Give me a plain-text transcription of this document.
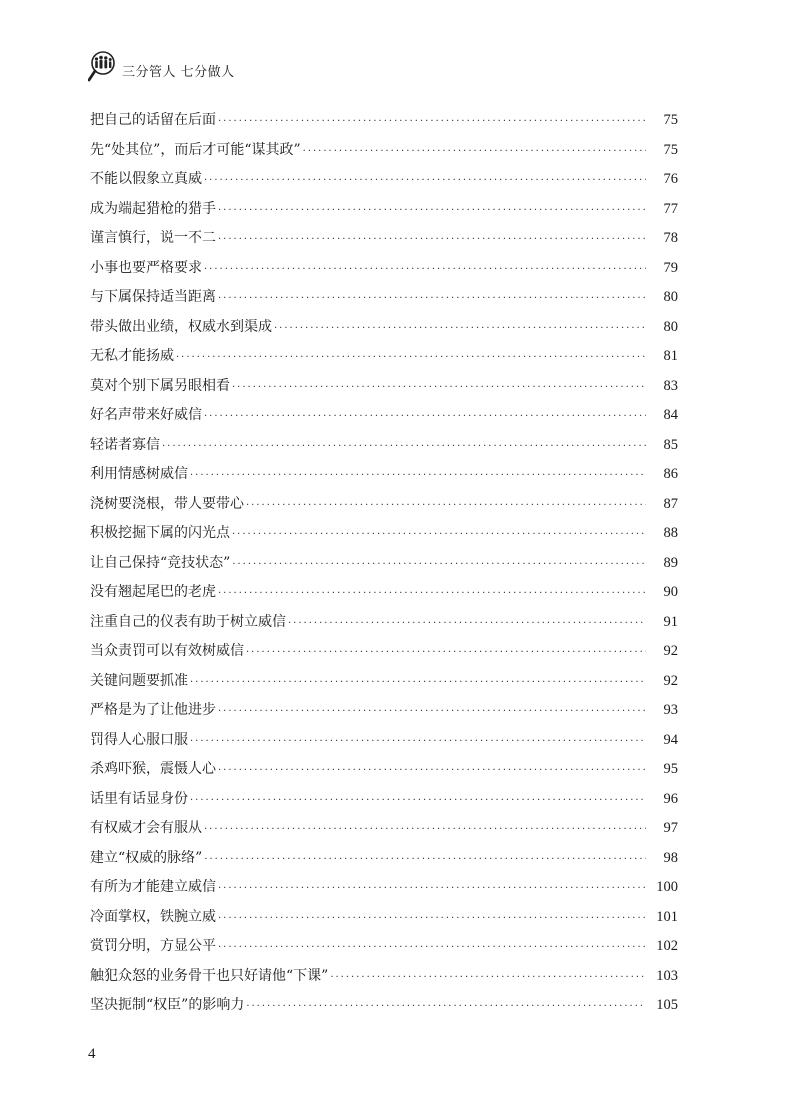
三分管人 七分做人
把自己的话留在后面 ·····	75
先“处其位”，而后才可能“谋其政” ·····	75
不能以假象立真威 ·····	76
成为端起猎枪的猎手 ·····	77
谨言慎行，说一不二 ·····	78
小事也要严格要求 ·····	79
与下属保持适当距离 ·····	80
带头做出业绩，权威水到渠成 ·····	80
无私才能扬威 ·····	81
莫对个别下属另眼相看 ·····	83
好名声带来好威信 ·····	84
轻诺者寡信 ·····	85
利用情感树威信 ·····	86
浇树要浇根，带人要带心 ·····	87
积极挖掘下属的闪光点 ·····	88
让自己保持“竞技状态” ·····	89
没有翘起尾巴的老虎 ·····	90
注重自己的仪表有助于树立威信 ·····	91
当众责罚可以有效树威信 ·····	92
关键问题要抓准 ·····	92
严格是为了让他进步 ·····	93
罚得人心服口服 ·····	94
杀鸡吓猴，震慑人心 ·····	95
话里有话显身份 ·····	96
有权威才会有服从 ·····	97
建立“权威的脉络” ·····	98
有所为才能建立威信 ·····	100
冷面掌权，铁腕立威 ·····	101
赏罚分明，方显公平 ·····	102
触犯众怒的业务骨干也只好请他“下课” ·····	103
坚决扼制“权臣”的影响力 ·····	105
4
